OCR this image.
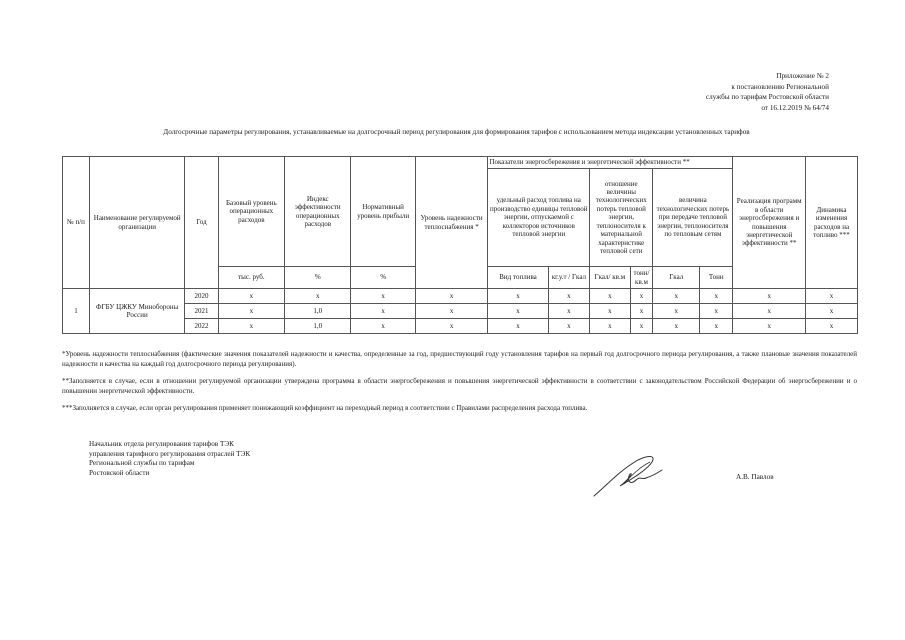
Приложение № 2
к постановлению Региональной
службы по тарифам Ростовской области
от 16.12.2019 № 64/74
Долгосрочные параметры регулирования, устанавливаемые на долгосрочный период регулирования для формирования тарифов с использованием метода индексации установленных тарифов
№ п/п	Наименование регулируемой организации	Год	Базовый уровень операционных расходов	Индекс эффективности операционных расходов	Нормативный уровень прибыли	Уровень надежности теплоснабжения *	Показатели энергосбережения и энергетической эффективности **						Реализация программ в области энергосбережения и повышения энергетической эффективности **	Динамика изменения расходов на топливо ***
							удельный расход топлива на производство единицы тепловой энергии, отпускаемой с коллекторов источников тепловой энергии		отношение величины технологических потерь тепловой энергии, теплоносителя к материальной характеристике тепловой сети		величина технологических потерь при передаче тепловой энергии, теплоносителя по тепловым сетям			
			тыс. руб.	%	%		Вид топлива	кг.у.т / Гкал	Гкал/ кв.м	тонн/кв.м	Гкал	Тонн		
1	ФГБУ ЦЖКУ Минобороны России	2020	х	х	х	х	х	х	х	х	х	х	х	х
		2021	х	1,0	х	х	х	х	х	х	х	х	х	х
		2022	х	1,0	х	х	х	х	х	х	х	х	х	х
*Уровень надежности теплоснабжения (фактические значения показателей надежности и качества, определенные за год, предшествующий году установления тарифов на первый год долгосрочного периода регулирования, а также плановые значения показателей надежности и качества на каждый год долгосрочного периода регулирования).
**Заполняется в случае, если в отношении регулируемой организации утверждена программа в области энергосбережения и повышения энергетической эффективности в соответствии с законодательством Российской Федерации об энергосбережении и о повышении энергетической эффективности.
***Заполняется в случае, если орган регулирования применяет понижающий коэффициент на переходный период в соответствии с Правилами распределения расхода топлива.
Начальник отдела регулирования тарифов ТЭК
управления тарифного регулирования отраслей ТЭК
Региональной службы по тарифам
Ростовской области
А.В. Павлов
